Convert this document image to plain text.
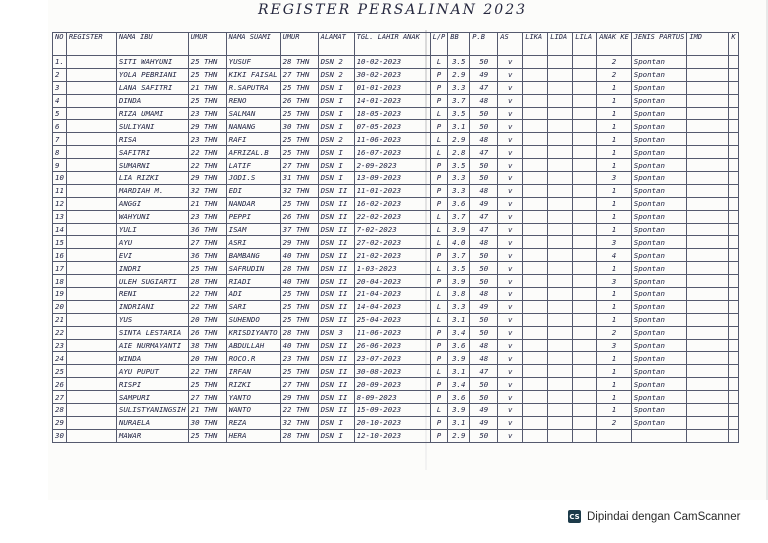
REGISTER PERSALINAN 2023
NO	REGISTER	NAMA IBU	UMUR	NAMA SUAMI	UMUR	ALAMAT	TGL. LAHIR ANAK	L/P	BB	P.B	AS	LIKA	LIDA	LILA	ANAK KE	JENIS PARTUS	IMD	K
1.		SITI WAHYUNI	25 THN	YUSUF	28 THN	DSN 2	10-02-2023	L	3.5	50	v				2	Spontan		
2		YOLA PEBRIANI	25 THN	KIKI FAISAL	27 THN	DSN 2	30-02-2023	P	2.9	49	v				2	Spontan		
3		LANA SAFITRI	21 THN	R.SAPUTRA	25 THN	DSN I	01-01-2023	P	3.3	47	v				1	Spontan		
4		DINDA	25 THN	RENO	26 THN	DSN I	14-01-2023	P	3.7	48	v				1	Spontan		
5		RIZA UMAMI	23 THN	SALMAN	25 THN	DSN I	18-05-2023	L	3.5	50	v				1	Spontan		
6		SULIYANI	29 THN	NANANG	30 THN	DSN I	07-05-2023	P	3.1	50	v				1	Spontan		
7		RISA	23 THN	RAFI	25 THN	DSN 2	11-06-2023	L	2.9	48	v				1	Spontan		
8		SAFITRI	22 THN	AFRIZAL.B	25 THN	DSN I	16-07-2023	L	2.8	47	v				1	Spontan		
9		SUMARNI	22 THN	LATIF	27 THN	DSN I	2-09-2023	P	3.5	50	v				1	Spontan		
10		LIA RIZKI	29 THN	JODI.S	31 THN	DSN I	13-09-2023	P	3.3	50	v				3	Spontan		
11		MARDIAH M.	32 THN	EDI	32 THN	DSN II	11-01-2023	P	3.3	48	v				1	Spontan		
12		ANGGI	21 THN	NANDAR	25 THN	DSN II	16-02-2023	P	3.6	49	v				1	Spontan		
13		WAHYUNI	23 THN	PEPPI	26 THN	DSN II	22-02-2023	L	3.7	47	v				1	Spontan		
14		YULI	36 THN	ISAM	37 THN	DSN II	7-02-2023	L	3.9	47	v				1	Spontan		
15		AYU	27 THN	ASRI	29 THN	DSN II	27-02-2023	L	4.0	48	v				3	Spontan		
16		EVI	36 THN	BAMBANG	40 THN	DSN II	21-02-2023	P	3.7	50	v				4	Spontan		
17		INDRI	25 THN	SAFRUDIN	28 THN	DSN II	1-03-2023	L	3.5	50	v				1	Spontan		
18		ULEH SUGIARTI	28 THN	RIADI	40 THN	DSN II	20-04-2023	P	3.9	50	v				3	Spontan		
19		RENI	22 THN	ADI	25 THN	DSN II	21-04-2023	L	3.8	48	v				1	Spontan		
20		INDRIANI	22 THN	SARI	25 THN	DSN II	14-04-2023	L	3.3	49	v				1	Spontan		
21		YUS	20 THN	SUHENDO	25 THN	DSN II	25-04-2023	L	3.1	50	v				1	Spontan		
22		SINTA LESTARIA	26 THN	KRISDIYANTO	28 THN	DSN 3	11-06-2023	P	3.4	50	v				2	Spontan		
23		AIE NURMAYANTI	38 THN	ABDULLAH	40 THN	DSN II	26-06-2023	P	3.6	48	v				3	Spontan		
24		WINDA	20 THN	ROCO.R	23 THN	DSN II	23-07-2023	P	3.9	48	v				1	Spontan		
25		AYU PUPUT	22 THN	IRFAN	25 THN	DSN II	30-08-2023	L	3.1	47	v				1	Spontan		
26		RISPI	25 THN	RIZKI	27 THN	DSN II	20-09-2023	P	3.4	50	v				1	Spontan		
27		SAMPURI	27 THN	YANTO	29 THN	DSN II	8-09-2023	P	3.6	50	v				1	Spontan		
28		SULISTYANINGSIH	21 THN	WANTO	22 THN	DSN II	15-09-2023	L	3.9	49	v				1	Spontan		
29		NURAELA	30 THN	REZA	32 THN	DSN I	20-10-2023	P	3.1	49	v				2	Spontan		
30		MAWAR	25 THN	HERA	28 THN	DSN I	12-10-2023	P	2.9	50	v							
CS Dipindai dengan CamScanner
